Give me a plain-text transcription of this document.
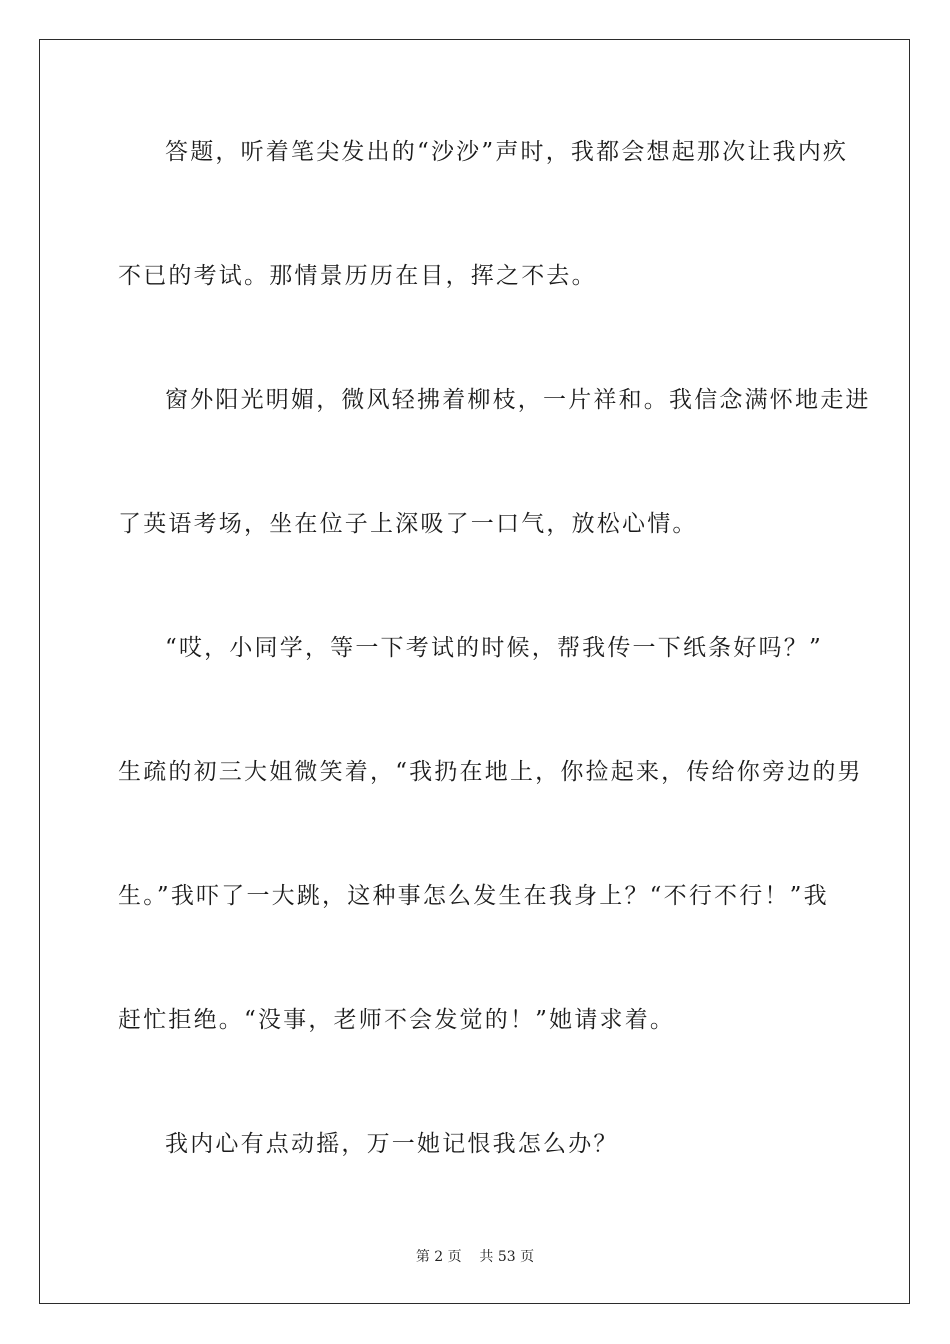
答题，听着笔尖发出的“沙沙”声时，我都会想起那次让我内疚
不已的考试。那情景历历在目，挥之不去。
窗外阳光明媚，微风轻拂着柳枝，一片祥和。我信念满怀地走进
了英语考场，坐在位子上深吸了一口气，放松心情。
“哎，小同学，等一下考试的时候，帮我传一下纸条好吗？”
生疏的初三大姐微笑着，“我扔在地上，你捡起来，传给你旁边的男
生。”我吓了一大跳，这种事怎么发生在我身上？“不行不行！”我
赶忙拒绝。“没事，老师不会发觉的！”她请求着。
我内心有点动摇，万一她记恨我怎么办？
第 2 页    共 53 页
